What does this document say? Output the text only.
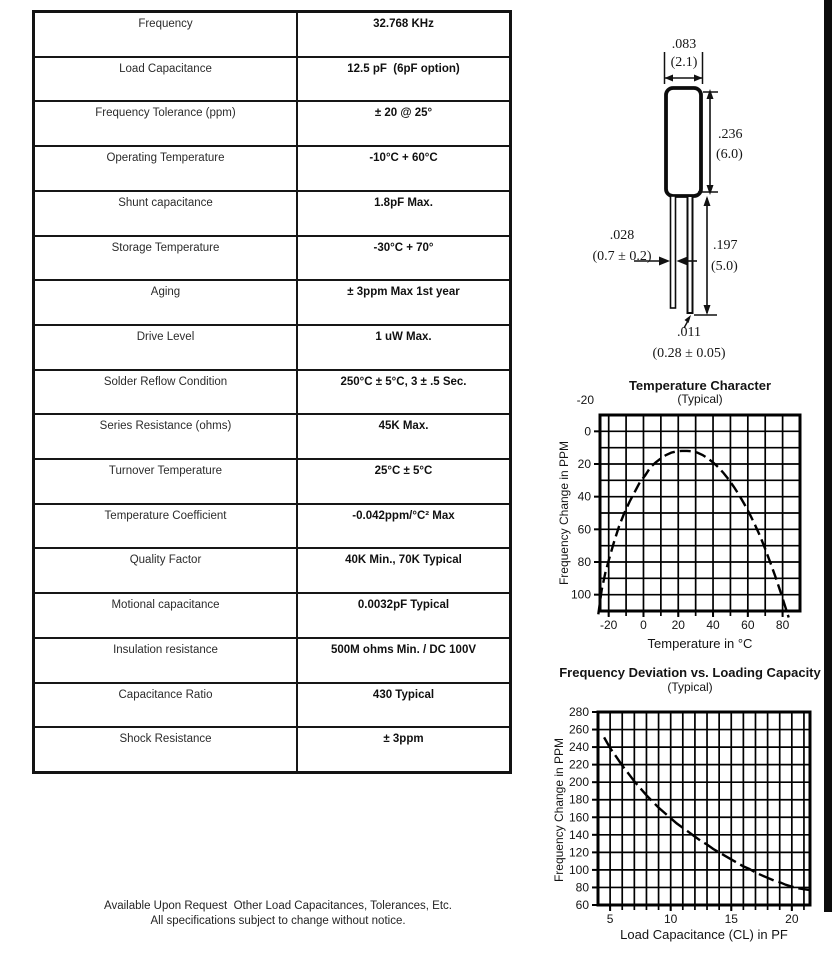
Frequency	32.768 KHz
Load Capacitance	12.5 pF  (6pF option)
Frequency Tolerance (ppm)	± 20 @ 25°
Operating Temperature	-10°C + 60°C
Shunt capacitance	1.8pF Max.
Storage Temperature	-30°C + 70°
Aging	± 3ppm Max 1st year
Drive Level	1 uW Max.
Solder Reflow Condition	250°C ± 5°C, 3 ± .5 Sec.
Series Resistance (ohms)	45K Max.
Turnover Temperature	25°C ± 5°C
Temperature Coefficient	-0.042ppm/°C² Max
Quality Factor	40K Min., 70K Typical
Motional capacitance	0.0032pF Typical
Insulation resistance	500M ohms Min. / DC 100V
Capacitance Ratio	430 Typical
Shock Resistance	± 3ppm
.083
(2.1)
.236
(6.0)
.197
(5.0)
.028
(0.7 ± 0.2)
.011
(0.28 ± 0.05)
Temperature Character
(Typical)
-20
Frequency Change in PPM
-20 0 20 40 60 80
0
20
40
60
80
100
Temperature in °C
Frequency Deviation vs. Loading Capacity
(Typical)
Frequency Change in PPM
5	10	15	20
280
260
240
220
200
180
160
140
120
100
80
60
Load Capacitance (CL) in PF
Available Upon Request  Other Load Capacitances, Tolerances, Etc.
All specifications subject to change without notice.
